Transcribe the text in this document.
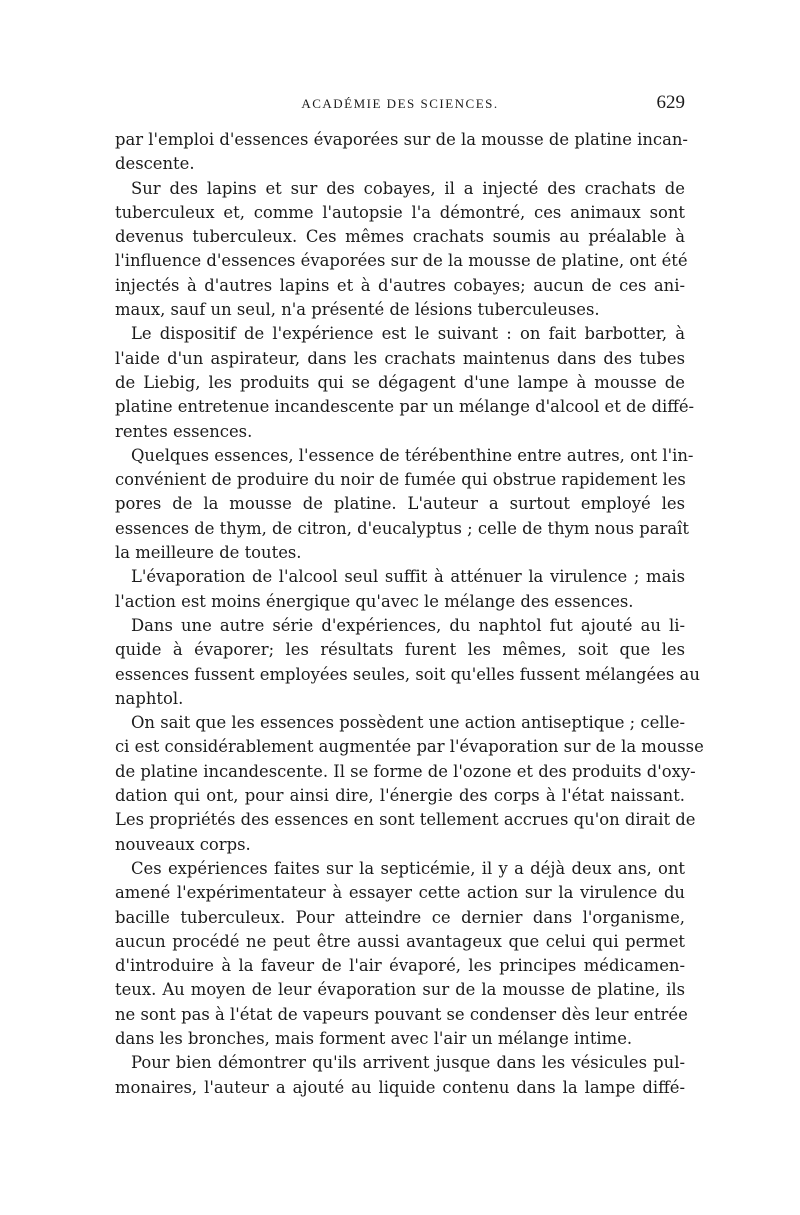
ACADÉMIE DES SCIENCES.	629
par l'emploi d'essences évaporées sur de la mousse de platine incan-
descente.
Sur des lapins et sur des cobayes, il a injecté des crachats de
tuberculeux et, comme l'autopsie l'a démontré, ces animaux sont
devenus tuberculeux. Ces mêmes crachats soumis au préalable à
l'influence d'essences évaporées sur de la mousse de platine, ont été
injectés à d'autres lapins et à d'autres cobayes; aucun de ces ani-
maux, sauf un seul, n'a présenté de lésions tuberculeuses.
Le dispositif de l'expérience est le suivant : on fait barbotter, à
l'aide d'un aspirateur, dans les crachats maintenus dans des tubes
de Liebig, les produits qui se dégagent d'une lampe à mousse de
platine entretenue incandescente par un mélange d'alcool et de diffé-
rentes essences.
Quelques essences, l'essence de térébenthine entre autres, ont l'in-
convénient de produire du noir de fumée qui obstrue rapidement les
pores de la mousse de platine. L'auteur a surtout employé les
essences de thym, de citron, d'eucalyptus ; celle de thym nous paraît
la meilleure de toutes.
L'évaporation de l'alcool seul suffit à atténuer la virulence ; mais
l'action est moins énergique qu'avec le mélange des essences.
Dans une autre série d'expériences, du naphtol fut ajouté au li-
quide à évaporer; les résultats furent les mêmes, soit que les
essences fussent employées seules, soit qu'elles fussent mélangées au
naphtol.
On sait que les essences possèdent une action antiseptique ; celle-
ci est considérablement augmentée par l'évaporation sur de la mousse
de platine incandescente. Il se forme de l'ozone et des produits d'oxy-
dation qui ont, pour ainsi dire, l'énergie des corps à l'état naissant.
Les propriétés des essences en sont tellement accrues qu'on dirait de
nouveaux corps.
Ces expériences faites sur la septicémie, il y a déjà deux ans, ont
amené l'expérimentateur à essayer cette action sur la virulence du
bacille tuberculeux. Pour atteindre ce dernier dans l'organisme,
aucun procédé ne peut être aussi avantageux que celui qui permet
d'introduire à la faveur de l'air évaporé, les principes médicamen-
teux. Au moyen de leur évaporation sur de la mousse de platine, ils
ne sont pas à l'état de vapeurs pouvant se condenser dès leur entrée
dans les bronches, mais forment avec l'air un mélange intime.
Pour bien démontrer qu'ils arrivent jusque dans les vésicules pul-
monaires, l'auteur a ajouté au liquide contenu dans la lampe diffé-
